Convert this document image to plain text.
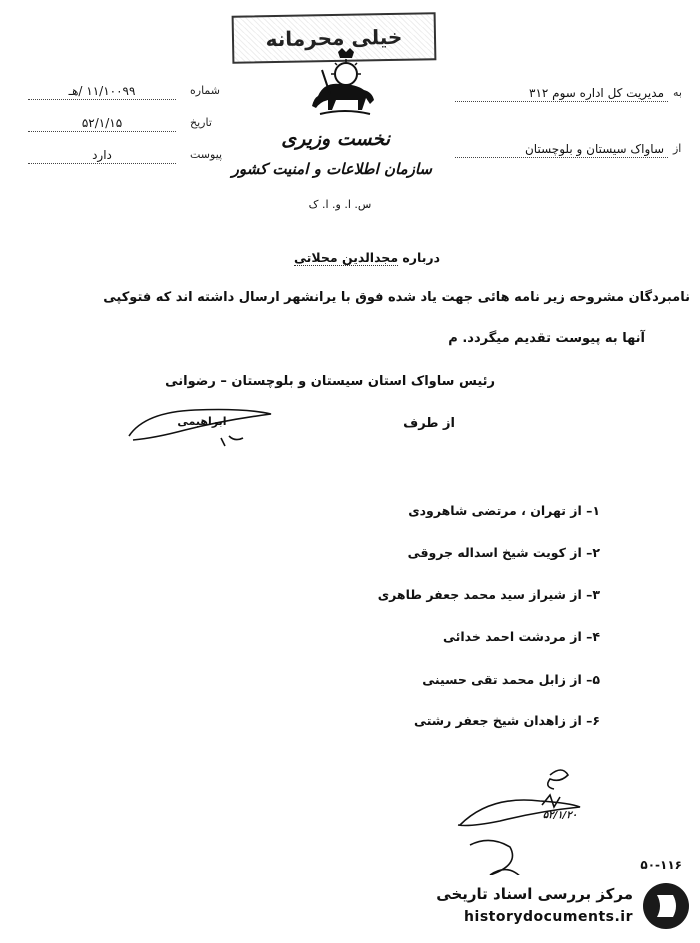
خیلی محرمانه
۱۱/۱۰۰۹۹ /هـ	شماره
۵۲/۱/۱۵	تاریخ
دارد	پیوست
مدیریت کل اداره سوم ۳۱۲ به
ساواک سیستان و بلوچستان از
نخست وزیری
سازمان اطلاعات و امنیت کشور
س. ا. و. ا. ک
درباره مجدالدین محلاتی
نامبردگان مشروحه زیر نامه هائی جهت یاد شده فوق با یرانشهر ارسال داشته اند که فتوکپی
آنها به پیوست تقدیم میگردد. م
رئیس ساواک استان سیستان و بلوچستان – رضوانی
از طرف
ابراهیمی
۱– از تهران ، مرتضی شاهرودی
۲– از کویت شیخ اسداله جروقی
۳– از شیراز سید محمد جعفر طاهری
۴– از مردشت احمد خدائی
۵– از زابل محمد تقی حسینی
۶– از زاهدان شیخ جعفر رشتی
۵۲/۱/۲۰
۵۰-۱۱۶
مرکز بررسی اسناد تاریخی
historydocuments.ir
